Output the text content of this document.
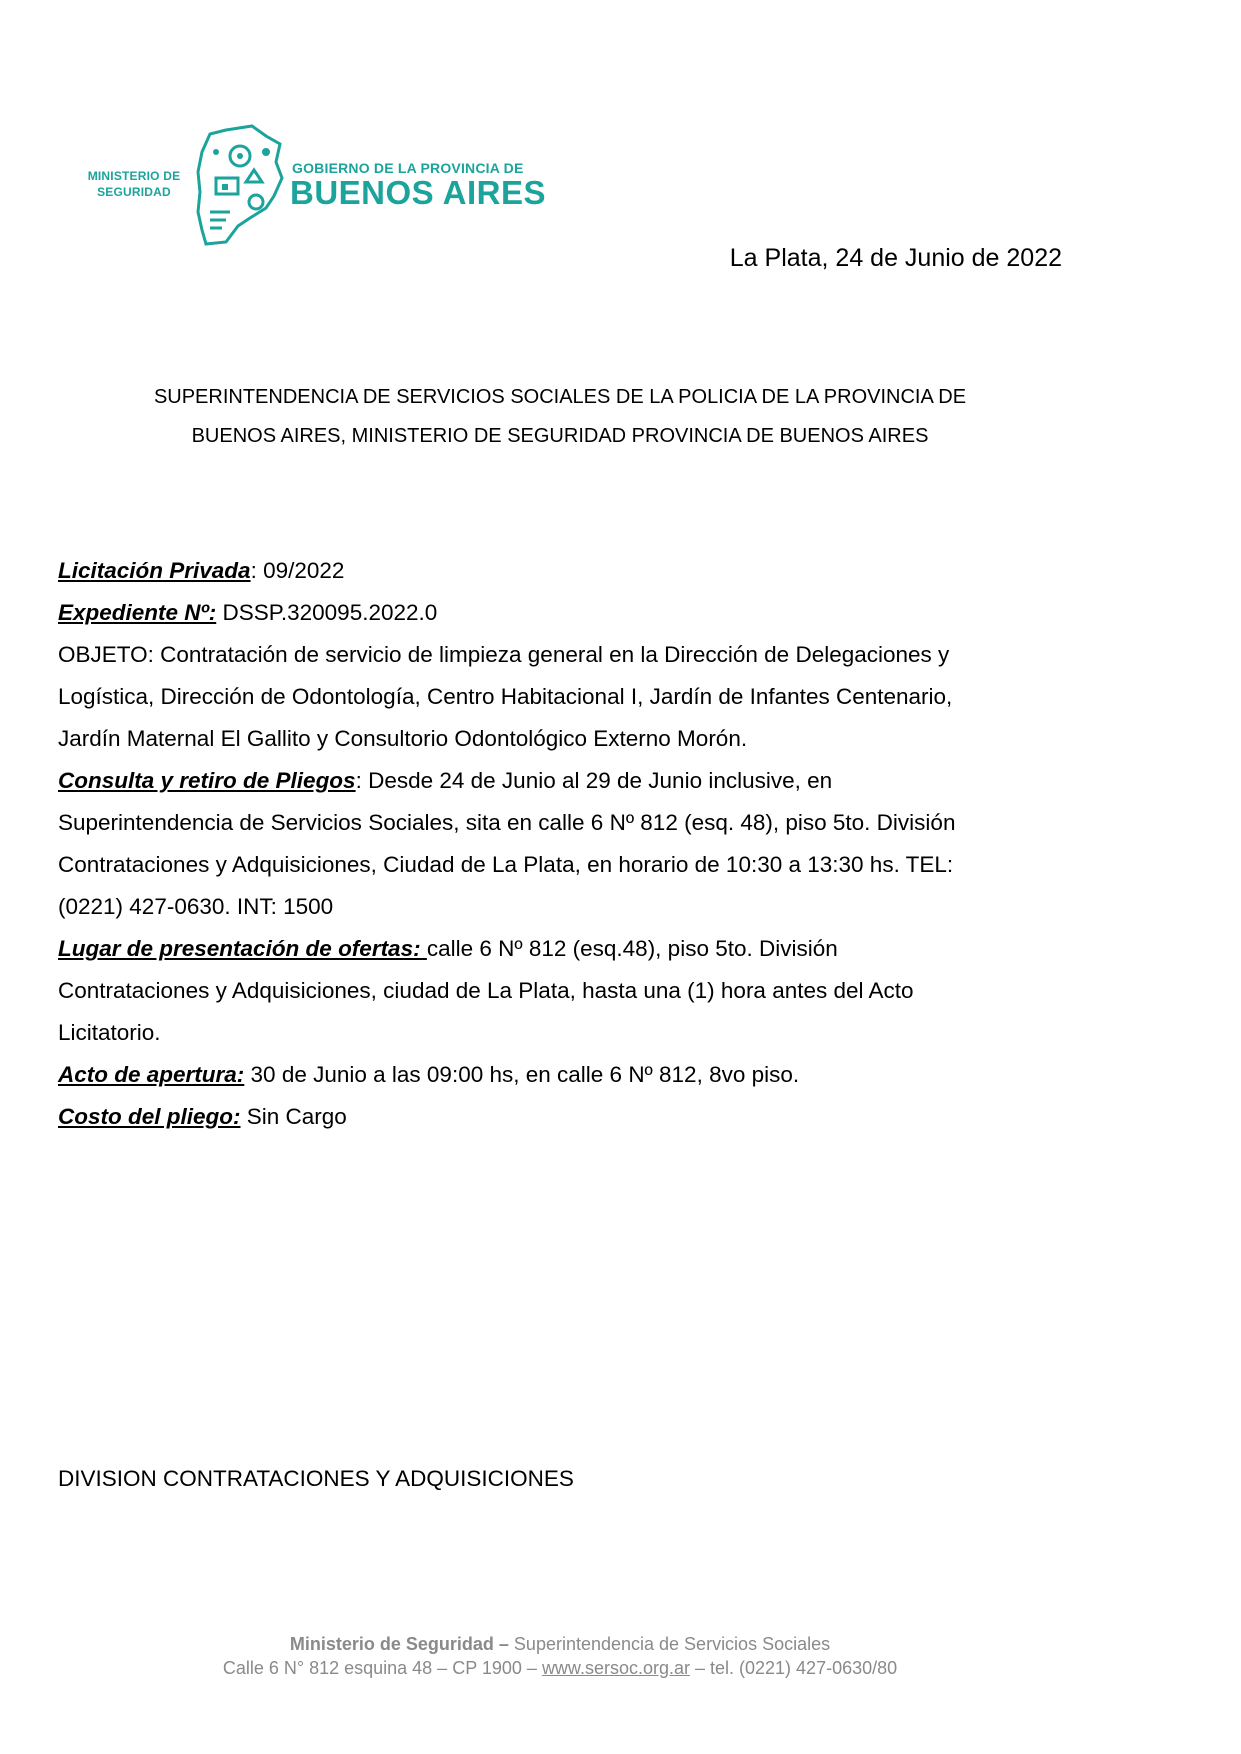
MINISTERIO DE
SEGURIDAD
GOBIERNO DE LA PROVINCIA DE
BUENOS AIRES
La Plata, 24 de Junio de 2022
SUPERINTENDENCIA DE SERVICIOS SOCIALES DE LA POLICIA DE LA PROVINCIA DE
BUENOS AIRES, MINISTERIO DE SEGURIDAD PROVINCIA DE BUENOS AIRES

Licitación Privada: 09/2022

Expediente Nº: DSSP.320095.2022.0

OBJETO: Contratación de servicio de limpieza general en la Dirección de Delegaciones y

Logística, Dirección de Odontología, Centro Habitacional I, Jardín de Infantes Centenario,

Jardín Maternal El Gallito y Consultorio Odontológico Externo Morón.

Consulta y retiro de Pliegos: Desde 24 de Junio al 29 de Junio inclusive, en

Superintendencia de Servicios Sociales, sita en calle 6 Nº 812 (esq. 48), piso 5to. División

Contrataciones y Adquisiciones, Ciudad de La Plata, en horario de 10:30 a 13:30 hs. TEL:

(0221) 427-0630. INT: 1500

Lugar de presentación de ofertas: calle 6 Nº 812 (esq.48), piso 5to. División

Contrataciones y Adquisiciones, ciudad de La Plata, hasta una (1) hora antes del Acto

Licitatorio.

Acto de apertura: 30 de Junio a las 09:00 hs, en calle 6 Nº 812, 8vo piso.

Costo del pliego: Sin Cargo

DIVISION CONTRATACIONES Y ADQUISICIONES
Ministerio de Seguridad – Superintendencia de Servicios Sociales
Calle 6 N° 812 esquina 48 – CP 1900 – www.sersoc.org.ar – tel. (0221) 427-0630/80
